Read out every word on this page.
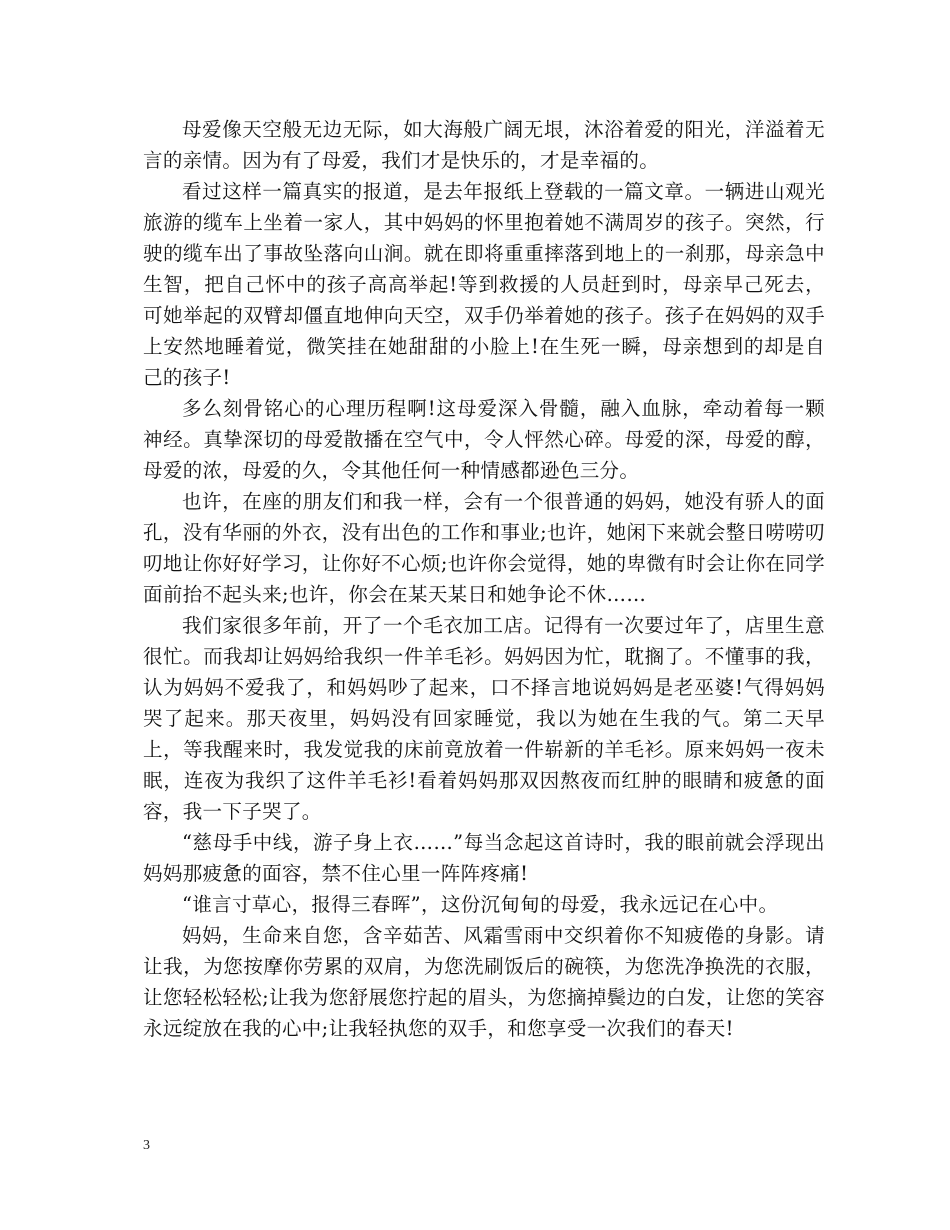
母爱像天空般无边无际，如大海般广阔无垠，沐浴着爱的阳光，洋溢着无言的亲情。因为有了母爱，我们才是快乐的，才是幸福的。

看过这样一篇真实的报道，是去年报纸上登载的一篇文章。一辆进山观光旅游的缆车上坐着一家人，其中妈妈的怀里抱着她不满周岁的孩子。突然，行驶的缆车出了事故坠落向山涧。就在即将重重摔落到地上的一刹那，母亲急中生智，把自己怀中的孩子高高举起!等到救援的人员赶到时，母亲早己死去，可她举起的双臂却僵直地伸向天空，双手仍举着她的孩子。孩子在妈妈的双手上安然地睡着觉，微笑挂在她甜甜的小脸上!在生死一瞬，母亲想到的却是自己的孩子!

多么刻骨铭心的心理历程啊!这母爱深入骨髓，融入血脉，牵动着每一颗神经。真挚深切的母爱散播在空气中，令人怦然心碎。母爱的深，母爱的醇，母爱的浓，母爱的久，令其他任何一种情感都逊色三分。

也许，在座的朋友们和我一样，会有一个很普通的妈妈，她没有骄人的面孔，没有华丽的外衣，没有出色的工作和事业;也许，她闲下来就会整日唠唠叨叨地让你好好学习，让你好不心烦;也许你会觉得，她的卑微有时会让你在同学面前抬不起头来;也许，你会在某天某日和她争论不休……

我们家很多年前，开了一个毛衣加工店。记得有一次要过年了，店里生意很忙。而我却让妈妈给我织一件羊毛衫。妈妈因为忙，耽搁了。不懂事的我，认为妈妈不爱我了，和妈妈吵了起来，口不择言地说妈妈是老巫婆!气得妈妈哭了起来。那天夜里，妈妈没有回家睡觉，我以为她在生我的气。第二天早上，等我醒来时，我发觉我的床前竟放着一件崭新的羊毛衫。原来妈妈一夜未眠，连夜为我织了这件羊毛衫!看着妈妈那双因熬夜而红肿的眼睛和疲惫的面容，我一下子哭了。

“慈母手中线，游子身上衣……”每当念起这首诗时，我的眼前就会浮现出妈妈那疲惫的面容，禁不住心里一阵阵疼痛!

“谁言寸草心，报得三春晖”，这份沉甸甸的母爱，我永远记在心中。

妈妈，生命来自您，含辛茹苦、风霜雪雨中交织着你不知疲倦的身影。请让我，为您按摩你劳累的双肩，为您洗刷饭后的碗筷，为您洗净换洗的衣服，让您轻松轻松;让我为您舒展您拧起的眉头，为您摘掉鬓边的白发，让您的笑容永远绽放在我的心中;让我轻执您的双手，和您享受一次我们的春天!

3
